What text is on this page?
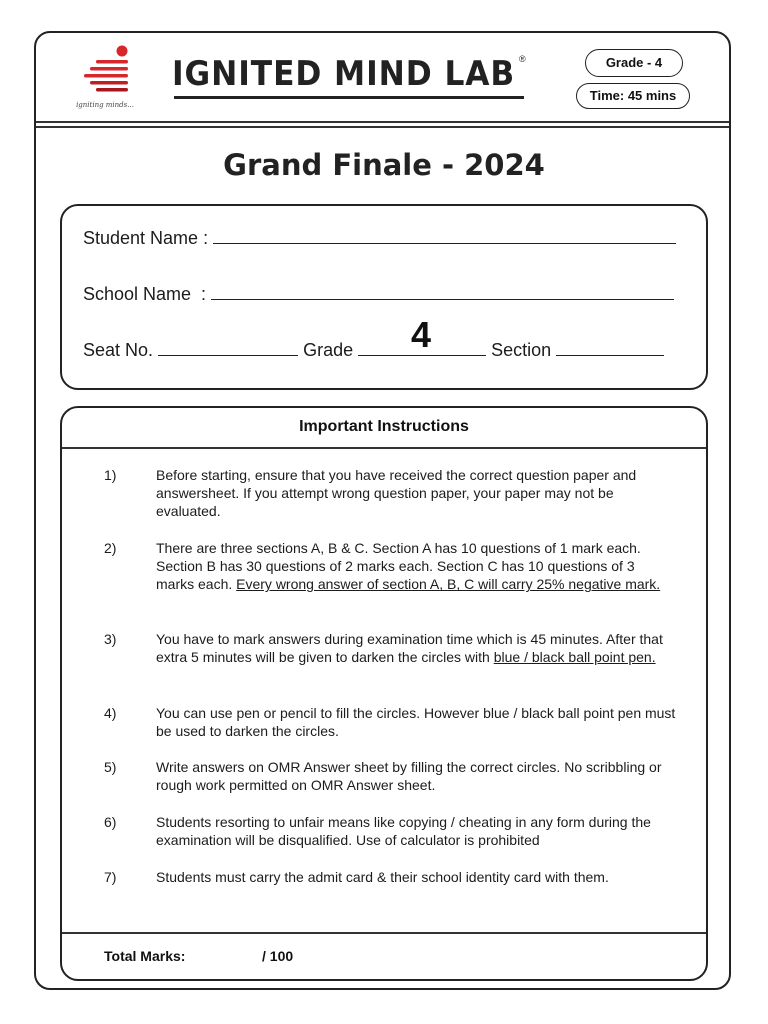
igniting minds...
IGNITED MIND LAB ®	Grade - 4
Time: 45 mins
Grand Finale - 2024
Student Name :
School Name  :
Seat No.	Grade	Section
4
Important Instructions
1)	Before starting, ensure that you have received the correct question paper and answersheet. If you attempt wrong question paper, your paper may not be evaluated.
2)	There are three sections A, B & C. Section A has 10 questions of 1 mark each. Section B has 30 questions of 2 marks each. Section C has 10 questions of 3 marks each. Every wrong answer of section A, B, C will carry 25% negative mark.
3)	You have to mark answers during examination time which is 45 minutes. After that extra 5 minutes will be given to darken the circles with blue / black ball point pen.
4)	You can use pen or pencil to fill the circles. However blue / black ball point pen must be used to darken the circles.
5)	Write answers on OMR Answer sheet by filling the correct circles. No scribbling or rough work permitted on OMR Answer sheet.
6)	Students resorting to unfair means like copying / cheating in any form during the examination will be disqualified. Use of calculator is prohibited
7)	Students must carry the admit card & their school identity card with them.
Total Marks:	/ 100
